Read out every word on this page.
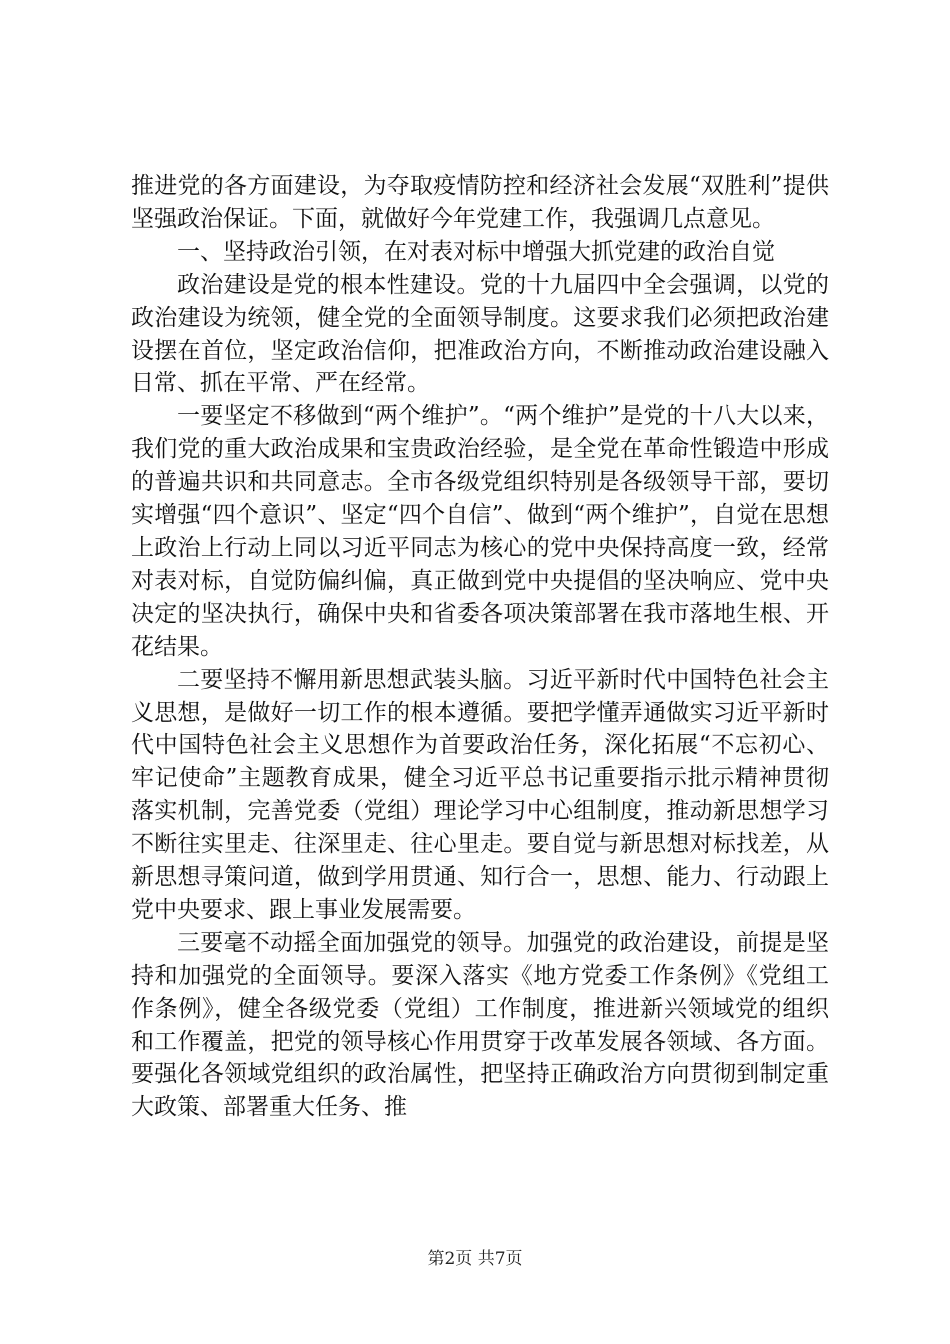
推进党的各方面建设，为夺取疫情防控和经济社会发展“双胜利”提供坚强政治保证。下面，就做好今年党建工作，我强调几点意见。

一、坚持政治引领，在对表对标中增强大抓党建的政治自觉

政治建设是党的根本性建设。党的十九届四中全会强调，以党的政治建设为统领，健全党的全面领导制度。这要求我们必须把政治建设摆在首位，坚定政治信仰，把准政治方向，不断推动政治建设融入日常、抓在平常、严在经常。

一要坚定不移做到“两个维护”。“两个维护”是党的十八大以来，我们党的重大政治成果和宝贵政治经验，是全党在革命性锻造中形成的普遍共识和共同意志。全市各级党组织特别是各级领导干部，要切实增强“四个意识”、坚定“四个自信”、做到“两个维护”，自觉在思想上政治上行动上同以习近平同志为核心的党中央保持高度一致，经常对表对标，自觉防偏纠偏，真正做到党中央提倡的坚决响应、党中央决定的坚决执行，确保中央和省委各项决策部署在我市落地生根、开花结果。

二要坚持不懈用新思想武装头脑。习近平新时代中国特色社会主义思想，是做好一切工作的根本遵循。要把学懂弄通做实习近平新时代中国特色社会主义思想作为首要政治任务，深化拓展“不忘初心、牢记使命”主题教育成果，健全习近平总书记重要指示批示精神贯彻落实机制，完善党委（党组）理论学习中心组制度，推动新思想学习不断往实里走、往深里走、往心里走。要自觉与新思想对标找差，从新思想寻策问道，做到学用贯通、知行合一，思想、能力、行动跟上党中央要求、跟上事业发展需要。

三要毫不动摇全面加强党的领导。加强党的政治建设，前提是坚持和加强党的全面领导。要深入落实《地方党委工作条例》《党组工作条例》，健全各级党委（党组）工作制度，推进新兴领域党的组织和工作覆盖，把党的领导核心作用贯穿于改革发展各领域、各方面。要强化各领域党组织的政治属性，把坚持正确政治方向贯彻到制定重大政策、部署重大任务、推

第2页 共7页
